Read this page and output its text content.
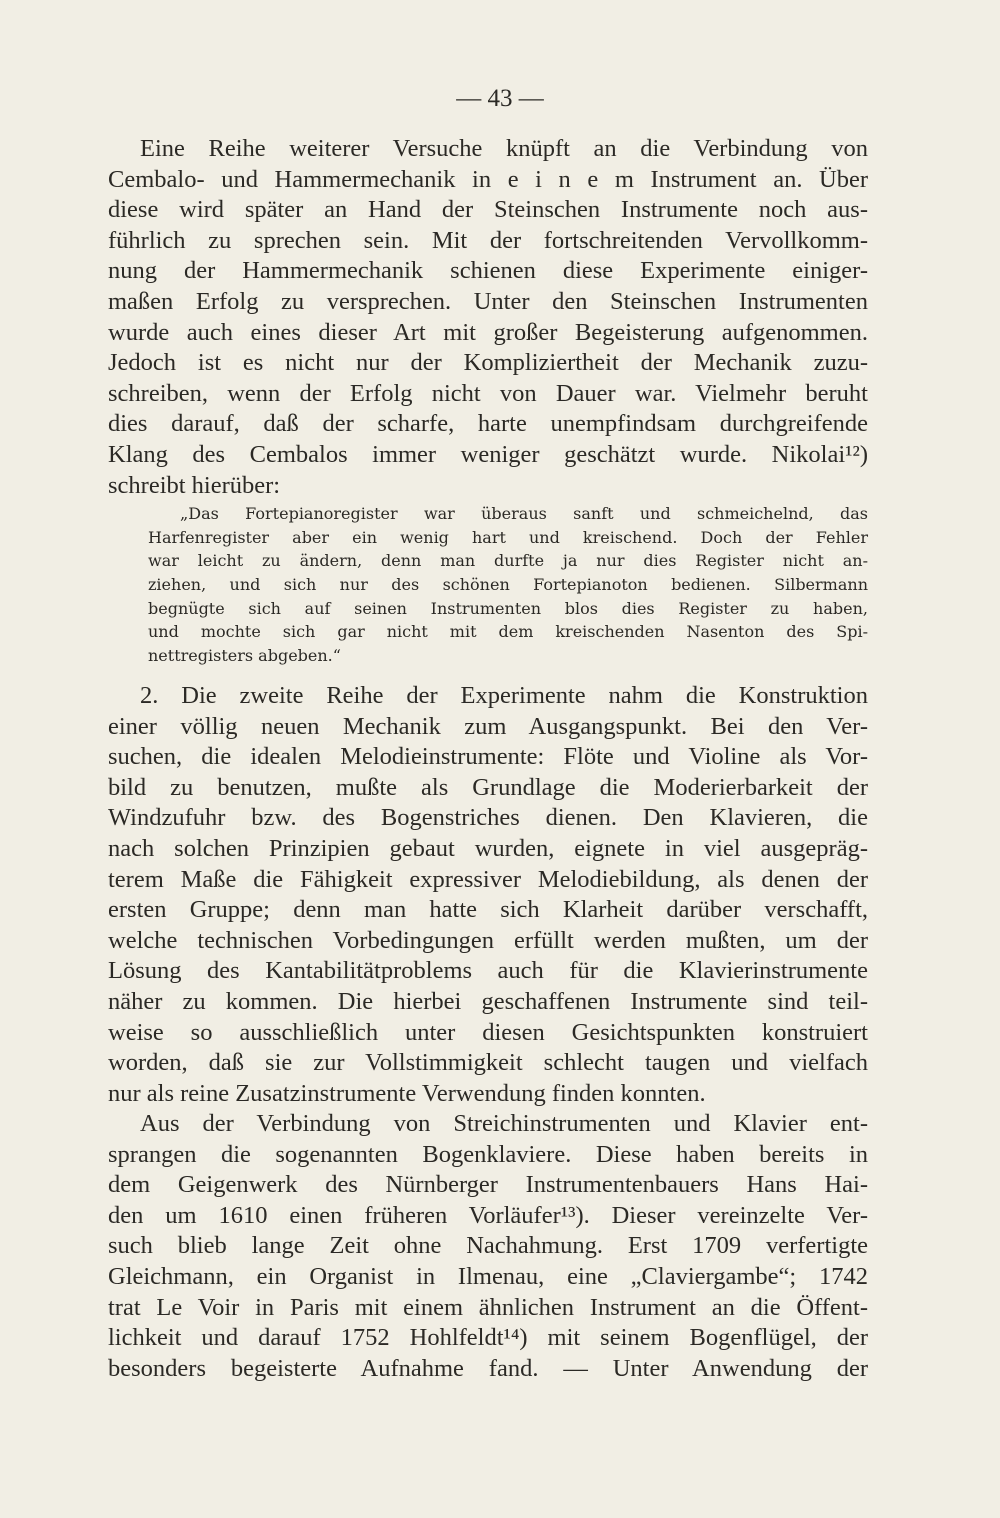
— 43 —

Eine Reihe weiterer Versuche knüpft an die Verbindung von
Cembalo- und Hammermechanik in e i n e m Instrument an. Über
diese wird später an Hand der Steinschen Instrumente noch aus-
führlich zu sprechen sein. Mit der fortschreitenden Vervollkomm-
nung der Hammermechanik schienen diese Experimente einiger-
maßen Erfolg zu versprechen. Unter den Steinschen Instrumenten
wurde auch eines dieser Art mit großer Begeisterung aufgenommen.
Jedoch ist es nicht nur der Kompliziertheit der Mechanik zuzu-
schreiben, wenn der Erfolg nicht von Dauer war. Vielmehr beruht
dies darauf, daß der scharfe, harte unempfindsam durchgreifende
Klang des Cembalos immer weniger geschätzt wurde. Nikolai¹²)
schreibt hierüber:
„Das Fortepianoregister war überaus sanft und schmeichelnd, das
Harfenregister aber ein wenig hart und kreischend. Doch der Fehler
war leicht zu ändern, denn man durfte ja nur dies Register nicht an-
ziehen, und sich nur des schönen Fortepianoton bedienen. Silbermann
begnügte sich auf seinen Instrumenten blos dies Register zu haben,
und mochte sich gar nicht mit dem kreischenden Nasenton des Spi-
nettregisters abgeben.“
2. Die zweite Reihe der Experimente nahm die Konstruktion
einer völlig neuen Mechanik zum Ausgangspunkt. Bei den Ver-
suchen, die idealen Melodieinstrumente: Flöte und Violine als Vor-
bild zu benutzen, mußte als Grundlage die Moderierbarkeit der
Windzufuhr bzw. des Bogenstriches dienen. Den Klavieren, die
nach solchen Prinzipien gebaut wurden, eignete in viel ausgepräg-
terem Maße die Fähigkeit expressiver Melodiebildung, als denen der
ersten Gruppe; denn man hatte sich Klarheit darüber verschafft,
welche technischen Vorbedingungen erfüllt werden mußten, um der
Lösung des Kantabilitätproblems auch für die Klavierinstrumente
näher zu kommen. Die hierbei geschaffenen Instrumente sind teil-
weise so ausschließlich unter diesen Gesichtspunkten konstruiert
worden, daß sie zur Vollstimmigkeit schlecht taugen und vielfach
nur als reine Zusatzinstrumente Verwendung finden konnten.
Aus der Verbindung von Streichinstrumenten und Klavier ent-
sprangen die sogenannten Bogenklaviere. Diese haben bereits in
dem Geigenwerk des Nürnberger Instrumentenbauers Hans Hai-
den um 1610 einen früheren Vorläufer¹³). Dieser vereinzelte Ver-
such blieb lange Zeit ohne Nachahmung. Erst 1709 verfertigte
Gleichmann, ein Organist in Ilmenau, eine „Claviergambe“; 1742
trat Le Voir in Paris mit einem ähnlichen Instrument an die Öffent-
lichkeit und darauf 1752 Hohlfeldt¹⁴) mit seinem Bogenflügel, der
besonders begeisterte Aufnahme fand. — Unter Anwendung der
